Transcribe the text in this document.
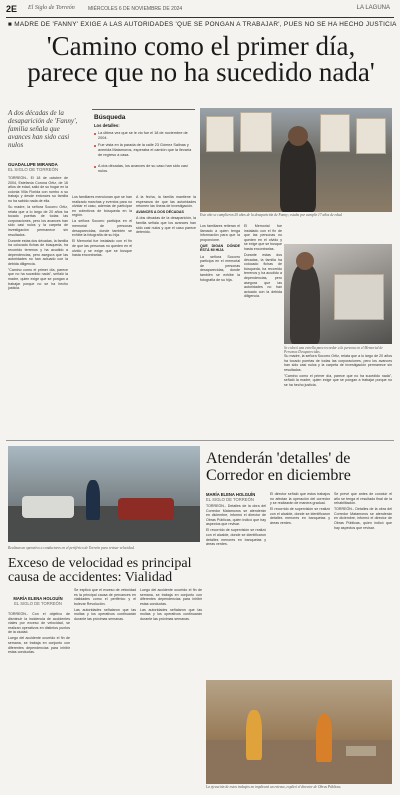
2E El Siglo de Torreón	MIÉRCOLES 6 DE NOVIEMBRE DE 2024	LA LAGUNA
■ MADRE DE 'FANNY' EXIGE A LAS AUTORIDADES 'QUE SE PONGAN A TRABAJAR', PUES NO SE HA HECHO JUSTICIA
'Camino como el primer día,
parece que no ha sucedido nada'
A dos décadas de la desaparición de 'Fanny', familia señala que avances han sido casi nulos
GUADALUPE MIRANDA
EL SIGLO DE TORREÓN
Búsqueda
Los detalles:
La última vez que se le vio fue el 18 de noviembre de 2004.
Fue vista en la parada de la calle 23 Gómez Salinas y avenida Matamoros, esperaba el camión que la llevaría de regreso a casa.
A dos décadas, los avances de su caso han sido casi nulos.

TORREÓN.- El 18 de octubre de 2004, Estefanía Corona Ortiz, de 16 años de edad, salió de su hogar en la colonia Villa Florida con rumbo a su trabajo y desde entonces su familia no ha sabido nada de ella.

Su madre, la señora Socorro Ortiz, relata que a lo largo de 20 años ha tocado puertas de todas las corporaciones, pero los avances han sido casi nulos y la carpeta de investigación permanece sin resultados.

Durante estas dos décadas, la familia ha colocado fichas de búsqueda, ha recorrido terrenos y ha acudido a dependencias, pero asegura que las autoridades no han actuado con la debida diligencia.

"Camino como el primer día, parece que no ha sucedido nada", señaló la madre, quien exige que se pongan a trabajar porque no se ha hecho justicia.

Los familiares mencionan que se han realizado marchas y eventos para no olvidar el caso, además de participar en colectivos de búsqueda en la región.

La señora Socorro participa en el memorial de personas desaparecidas, donde también se exhibe la fotografía de su hija.

El Memorial fue instalado con el fin de que las personas no queden en el olvido y se exige que se busque hasta encontrarlas.

A la fecha, la familia mantiene la esperanza de que las autoridades retomen las líneas de investigación.

AVANCES A DOS DÉCADAS

A dos décadas de la desaparición, la familia señala que los avances han sido casi nulos y que el caso parece detenido.

Los familiares reiteran el llamado a quien tenga información para que la proporcione.

QUE DIGAN DÓNDE ESTÁ MI HIJA

La señora Socorro participa en el memorial de personas desaparecidas, donde también se exhibe la fotografía de su hija.

El Memorial fue instalado con el fin de que las personas no queden en el olvido y se exige que se busque hasta encontrarlas.

Durante estas dos décadas, la familia ha colocado fichas de búsqueda, ha recorrido terrenos y ha acudido a dependencias, pero asegura que las autoridades no han actuado con la debida diligencia.

Su madre, la señora Socorro Ortiz, relata que a lo largo de 20 años ha tocado puertas de todas las corporaciones, pero los avances han sido casi nulos y la carpeta de investigación permanece sin resultados.

"Camino como el primer día, parece que no ha sucedido nada", señaló la madre, quien exige que se pongan a trabajar porque no se ha hecho justicia.

Este año se cumplieron 20 años de la desaparición de Fanny; estaba por cumplir 17 años de edad.
Se colocó una estrella para recordar a la persona en el Memorial de Personas Desaparecidas.
Realizan un operativo a conductores en el periférico de Torreón para revisar velocidad.
Exceso de velocidad es principal causa de accidentes: Vialidad
MARÍA ELENA HOLGUÍN
EL SIGLO DE TORREÓN

TORREÓN.- Con el objetivo de disminuir la incidencia de accidentes viales por exceso de velocidad, se realizan operativos en distintos puntos de la ciudad.

Luego del accidente ocurrido el fin de semana, se trabaja en conjunto con diferentes dependencias para inhibir estas conductas.

Se explicó que el exceso de velocidad es la principal causa de percances en vialidades como el periférico y el bulevar Revolución.

Las autoridades señalaron que las multas y los operativos continuarán durante las próximas semanas.

Luego del accidente ocurrido el fin de semana, se trabaja en conjunto con diferentes dependencias para inhibir estas conductas.

Las autoridades señalaron que las multas y los operativos continuarán durante las próximas semanas.

Atenderán 'detalles' de Corredor en diciembre
MARÍA ELENA HOLGUÍN
EL SIGLO DE TORREÓN

TORREÓN.- Detalles de la obra del Corredor Matamoros se atenderán en diciembre, informó el director de Obras Públicas, quien indicó que hay aspectos que revisar.

El recorrido de supervisión se realizó con el alcalde, donde se identificaron detalles menores en banquetas y áreas verdes.

El director señaló que estos trabajos no afectan la operación del corredor y se realizarán de manera gradual.

El recorrido de supervisión se realizó con el alcalde, donde se identificaron detalles menores en banquetas y áreas verdes.

Se prevé que antes de concluir el año se tenga el resultado final de la rehabilitación.

TORREÓN.- Detalles de la obra del Corredor Matamoros se atenderán en diciembre, informó el director de Obras Públicas, quien indicó que hay aspectos que revisar.

La ejecución de estos trabajos no implicará un retraso, explicó el director de Obras Públicas.
